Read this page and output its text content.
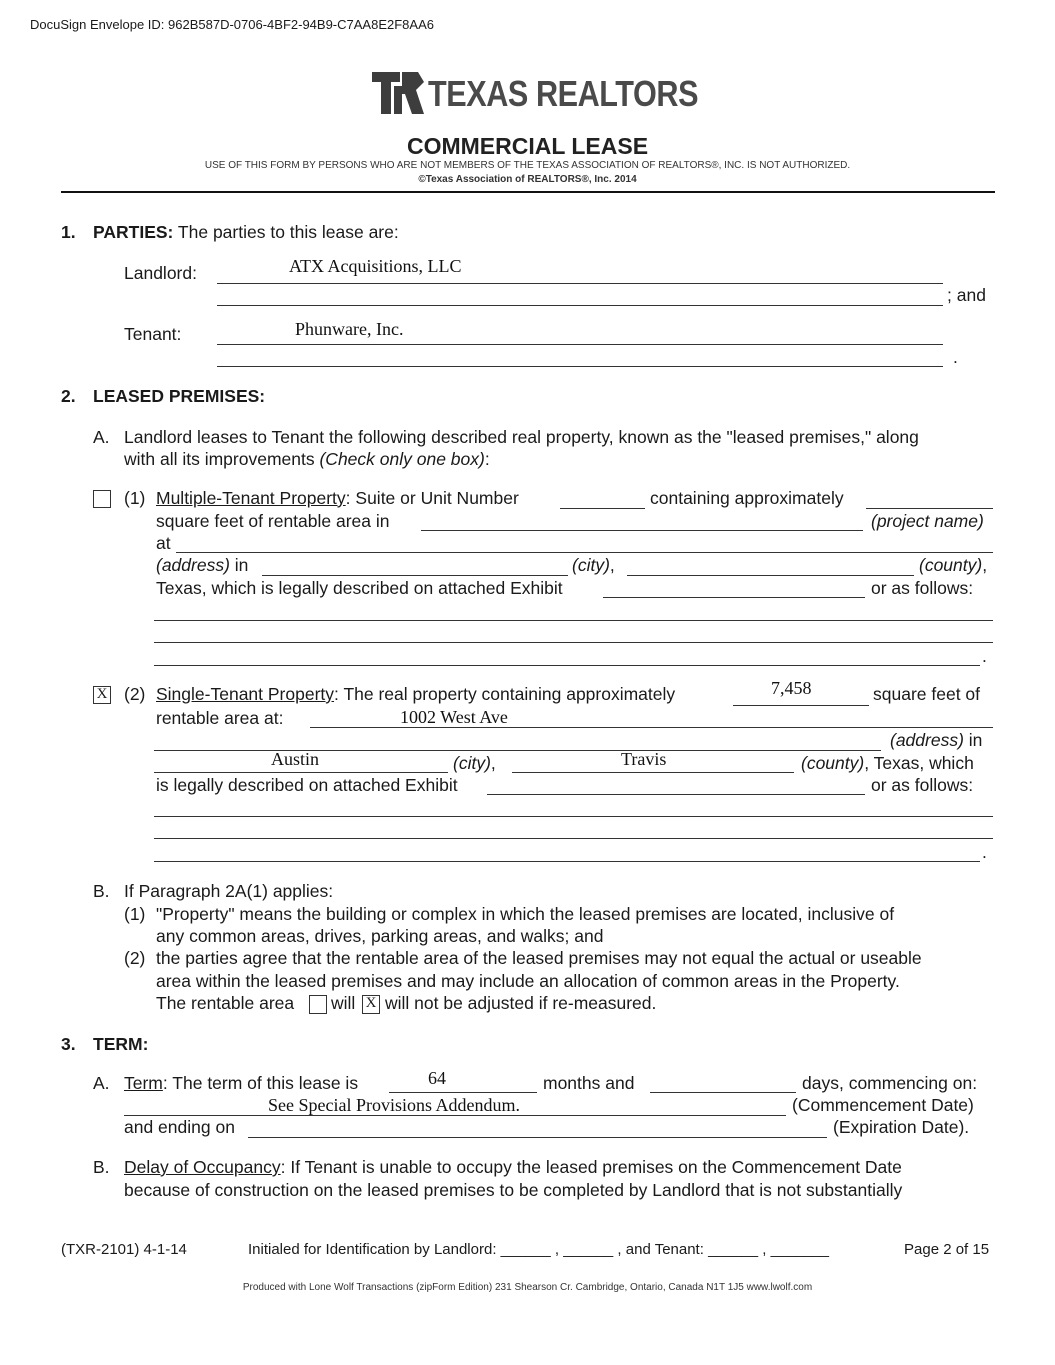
DocuSign Envelope ID: 962B587D-0706-4BF2-94B9-C7AA8E2F8AA6
TEXAS REALTORS
COMMERCIAL LEASE
USE OF THIS FORM BY PERSONS WHO ARE NOT MEMBERS OF THE TEXAS ASSOCIATION OF REALTORS®, INC. IS NOT AUTHORIZED.
©Texas Association of REALTORS®, Inc. 2014
1. PARTIES: The parties to this lease are:
Landlord:	ATX Acquisitions, LLC
; and
Tenant:	Phunware, Inc.
.
2. LEASED PREMISES:
A. Landlord leases to Tenant the following described real property, known as the "leased premises," along
with all its improvements (Check only one box):
(1) Multiple-Tenant Property: Suite or Unit Number	containing approximately
square feet of rentable area in	(project name)
at
(address) in	(city),	(county),
Texas, which is legally described on attached Exhibit	or as follows:
.
X (2) Single-Tenant Property: The real property containing approximately	7,458	square feet of
rentable area at:	1002 West Ave
(address) in
Austin	(city),	Travis	(county), Texas, which
is legally described on attached Exhibit	or as follows:
.
B. If Paragraph 2A(1) applies:
(1) "Property" means the building or complex in which the leased premises are located, inclusive of
any common areas, drives, parking areas, and walks; and
(2) the parties agree that the rentable area of the leased premises may not equal the actual or useable
area within the leased premises and may include an allocation of common areas in the Property.
The rentable area will X will not be adjusted if re-measured.
3. TERM:
A. Term: The term of this lease is	64	months and	days, commencing on:
See Special Provisions Addendum.	(Commencement Date)
and ending on	(Expiration Date).
B. Delay of Occupancy: If Tenant is unable to occupy the leased premises on the Commencement Date
because of construction on the leased premises to be completed by Landlord that is not substantially
(TXR-2101) 4-1-14	Initialed for Identification by Landlord: ______ , ______ , and Tenant: ______ , _______	Page 2 of 15
Produced with Lone Wolf Transactions (zipForm Edition) 231 Shearson Cr. Cambridge, Ontario, Canada N1T 1J5 www.lwolf.com
